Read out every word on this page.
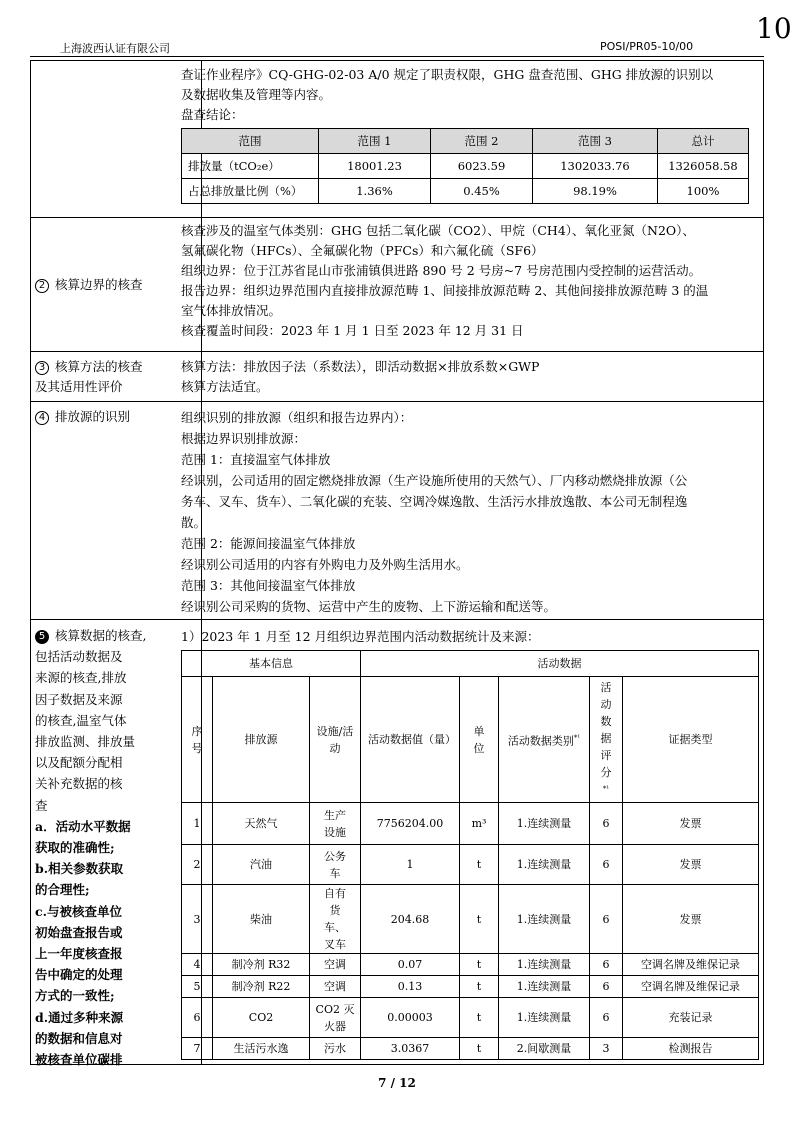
上海波西认证有限公司	POSI/PR05-10/00
10
查证作业程序》CQ-GHG-02-03 A/0 规定了职责权限，GHG 盘查范围、GHG 排放源的识别以
及数据收集及管理等内容。
盘查结论：
范围	范围 1	范围 2	范围 3	总计
排放量（tCO₂e）	18001.23	6023.59	1302033.76	1326058.58
占总排放量比例（%）	1.36%	0.45%	98.19%	100%
2 核算边界的核查
核查涉及的温室气体类别：GHG 包括二氧化碳（CO2）、甲烷（CH4）、氧化亚氮（N2O）、
氢氟碳化物（HFCs）、全氟碳化物（PFCs）和六氟化硫（SF6）
组织边界：位于江苏省昆山市张浦镇俱进路 890 号 2 号房~7 号房范围内受控制的运营活动。
报告边界：组织边界范围内直接排放源范畴 1、间接排放源范畴 2、其他间接排放源范畴 3 的温
室气体排放情况。
核查覆盖时间段：2023 年 1 月 1 日至 2023 年 12 月 31 日
3 核算方法的核查
及其适用性评价
核算方法：排放因子法（系数法），即活动数据×排放系数×GWP
核算方法适宜。
4 排放源的识别	组织识别的排放源（组织和报告边界内）：
根据边界识别排放源：
范围 1：直接温室气体排放
经识别，公司适用的固定燃烧排放源（生产设施所使用的天然气）、厂内移动燃烧排放源（公
务车、叉车、货车）、二氧化碳的充装、空调冷媒逸散、生活污水排放逸散、本公司无制程逸
散。
范围 2：能源间接温室气体排放
经识别公司适用的内容有外购电力及外购生活用水。
范围 3：其他间接温室气体排放
经识别公司采购的货物、运营中产生的废物、上下游运输和配送等。
5 核算数据的核查,
包括活动数据及
来源的核查,排放
因子数据及来源
的核查,温室气体
排放监测、排放量
以及配额分配相
关补充数据的核
查
a．活动水平数据
获取的准确性;
b.相关参数获取
的合理性;
c.与被核查单位
初始盘查报告或
上一年度核查报
告中确定的处理
方式的一致性;
d.通过多种来源
的数据和信息对
被核查单位碳排
1）2023 年 1 月至 12 月组织边界范围内活动数据统计及来源：
基本信息			活动数据				
序号	排放源	设施/活动	活动数据值（量）	单位	活动数据类别$^{*^1}$	活动数据评分$^{*^1}$	证据类型
1	天然气	生产设施	7756204.00	m³	1.连续测量	6	发票
2	汽油	公务车	1	t	1.连续测量	6	发票
3	柴油	自有货车、叉车	204.68	t	1.连续测量	6	发票
4	制冷剂 R32	空调	0.07	t	1.连续测量	6	空调名牌及维保记录
5	制冷剂 R22	空调	0.13	t	1.连续测量	6	空调名牌及维保记录
6	CO2	CO2 灭火器	0.00003	t	1.连续测量	6	充装记录
7	生活污水逸	污水	3.0367	t	2.间歇测量	3	检测报告
7 / 12
